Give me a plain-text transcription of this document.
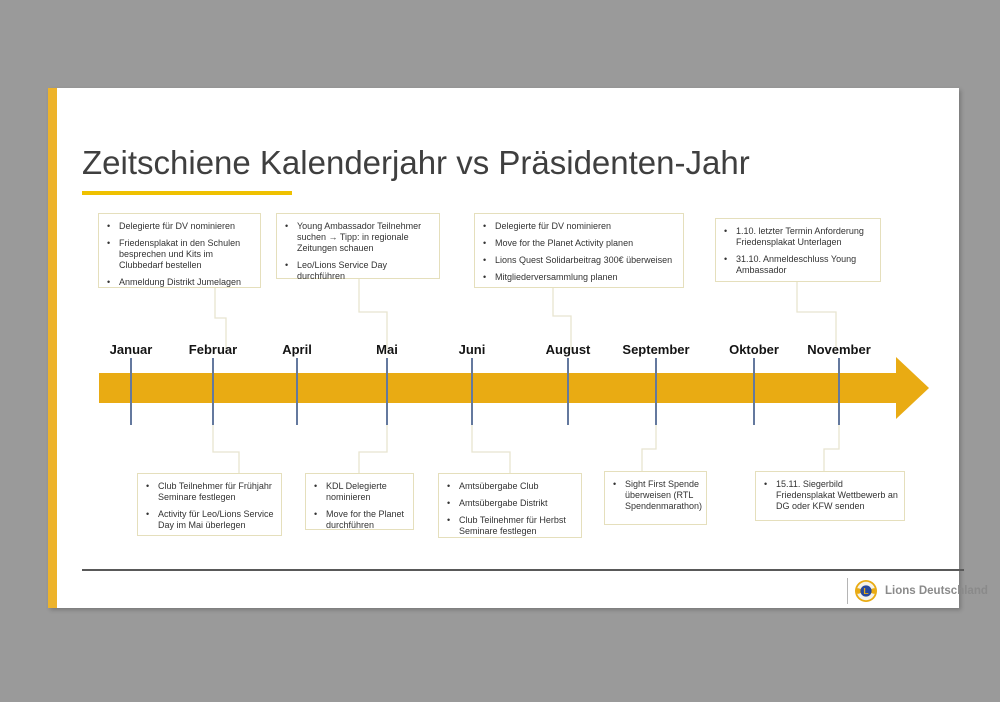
Zeitschiene Kalenderjahr vs Präsidenten-Jahr
• Delegierte für DV nominieren
• Friedensplakat in den Schulen besprechen und Kits im Clubbedarf bestellen
• Anmeldung Distrikt Jumelagen
• Young Ambassador Teilnehmer suchen → Tipp: in regionale Zeitungen schauen
• Leo/Lions Service Day durchführen
• Delegierte für DV nominieren
• Move for the Planet Activity planen
• Lions Quest Solidarbeitrag 300€ überweisen
• Mitgliederversammlung planen
• 1.10. letzter Termin Anforderung Friedensplakat Unterlagen
• 31.10. Anmeldeschluss Young Ambassador
Januar	Februar	April	Mai	Juni	August September	Oktober November
• Club Teilnehmer für Frühjahr Seminare festlegen
• Activity für Leo/Lions Service Day im Mai überlegen
• KDL Delegierte nominieren
• Move for the Planet durchführen
• Amtsübergabe Club
• Amtsübergabe Distrikt
• Club Teilnehmer für Herbst Seminare festlegen
• Sight First Spende überweisen (RTL Spendenmarathon)
• 15.11. Siegerbild Friedensplakat Wettbewerb an DG oder KFW senden
L Lions Deutschland
